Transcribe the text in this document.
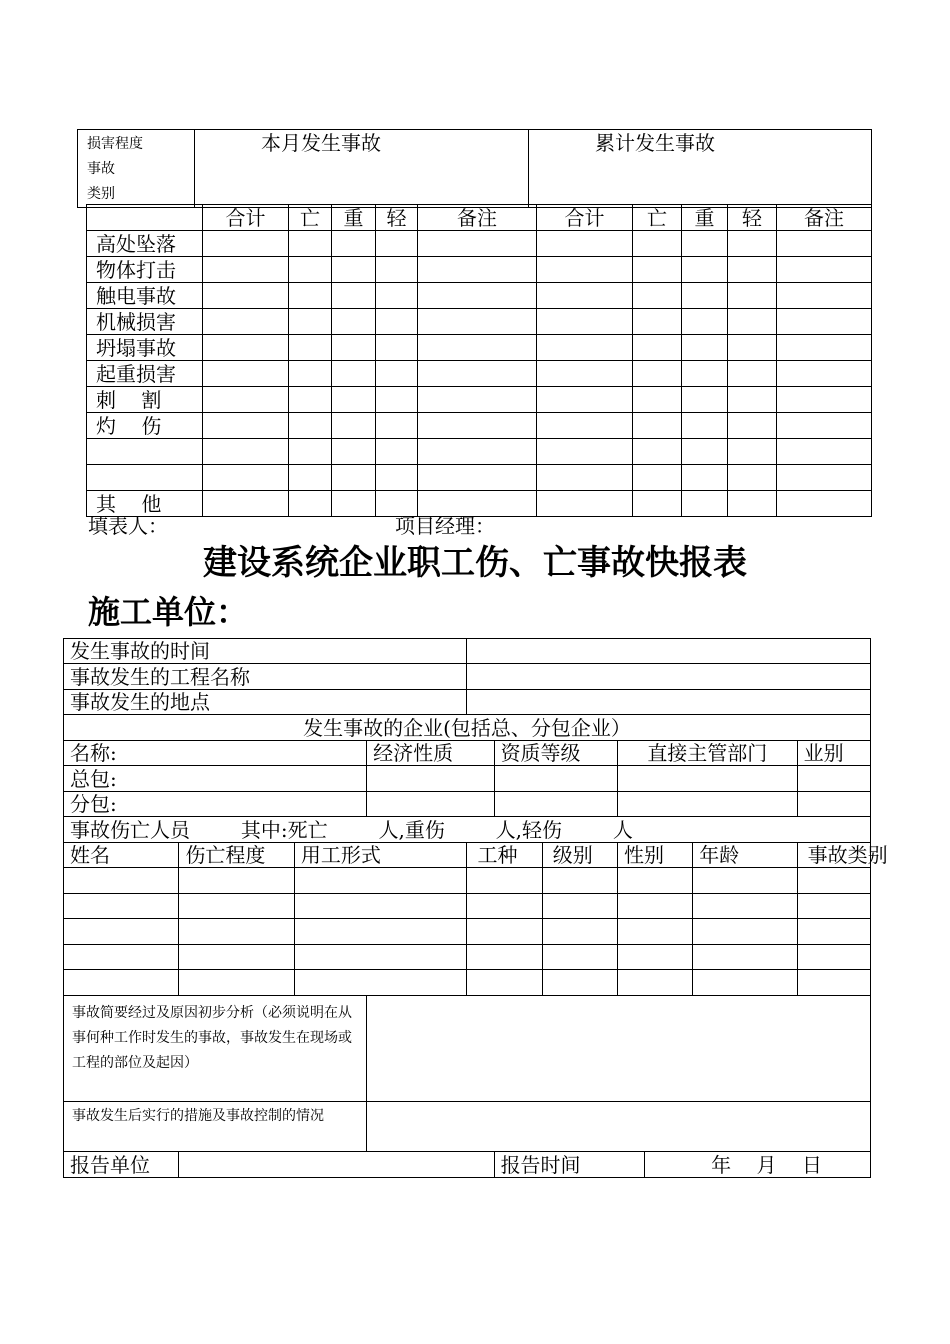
损害程度
事故
类别
	本月发生事故	累计发生事故
	合计	亡	重	轻	备注	合计	亡	重	轻	备注
高处坠落										
物体打击										
触电事故										
机械损害										
坍塌事故										
起重损害										
刺    割										
灼    伤										

其    他										
填表人：	项目经理：
建设系统企业职工伤、亡事故快报表
施工单位：
发生事故的时间										
事故发生的工程名称										
事故发生的地点										
发生事故的企业(包括总、分包企业）										
名称:			经济性质		资质等级		直接主管部门			业别
总包:										
分包:										
事故伤亡人员        其中:死亡        人,重伤        人,轻伤        人										
姓名	伤亡程度	用工形式		工种		级别	性别		年龄	事故类别

事故简要经过及原因初步分析（必须说明在从事何种工作时发生的事故，事故发生在现场或工程的部位及起因）										
事故发生后实行的措施及事故控制的情况										
报告单位					报告时间			年    月    日		
